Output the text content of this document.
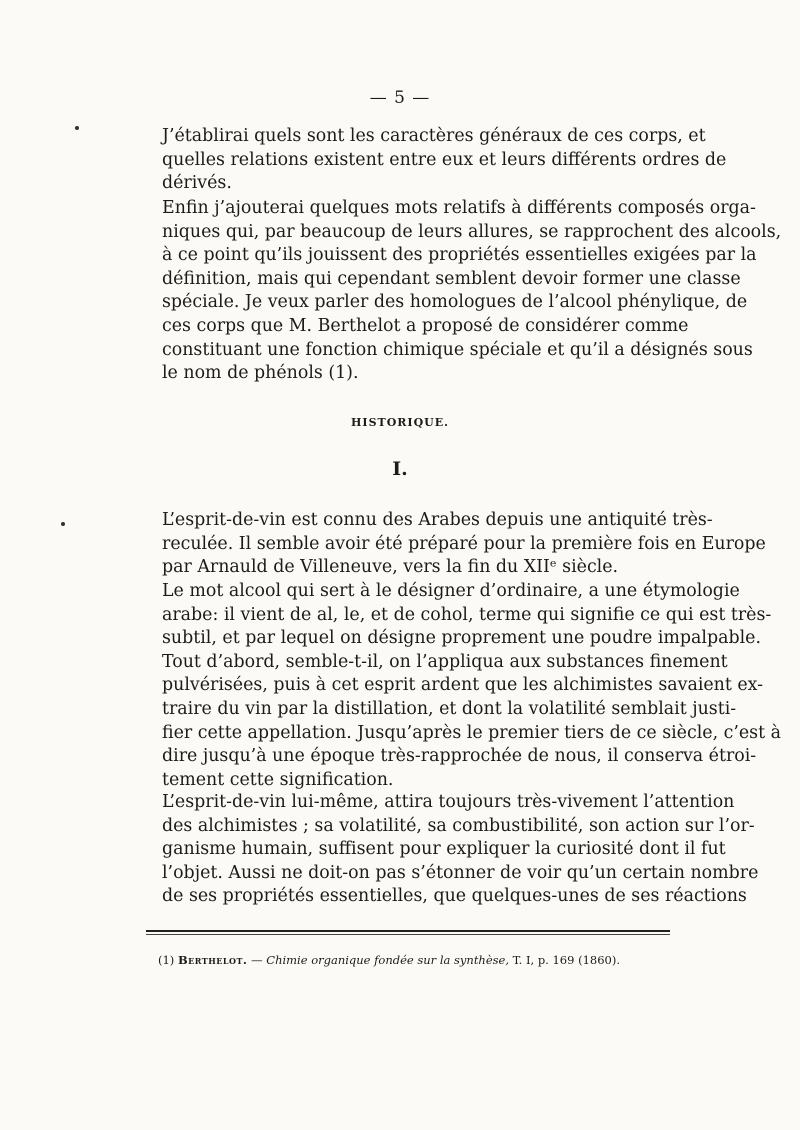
— 5 —
J’établirai quels sont les caractères généraux de ces corps, et
quelles relations existent entre eux et leurs différents ordres de
dérivés.
Enfin j’ajouterai quelques mots relatifs à différents composés orga-
niques qui, par beaucoup de leurs allures, se rapprochent des alcools,
à ce point qu’ils jouissent des propriétés essentielles exigées par la
définition, mais qui cependant semblent devoir former une classe
spéciale. Je veux parler des homologues de l’alcool phénylique, de
ces corps que M. Berthelot a proposé de considérer comme
constituant une fonction chimique spéciale et qu’il a désignés sous
le nom de phénols (1).
HISTORIQUE.
I.
L’esprit-de-vin est connu des Arabes depuis une antiquité très-
reculée. Il semble avoir été préparé pour la première fois en Europe
par Arnauld de Villeneuve, vers la fin du XIIᵉ siècle.
Le mot alcool qui sert à le désigner d’ordinaire, a une étymologie
arabe: il vient de al, le, et de cohol, terme qui signifie ce qui est très-
subtil, et par lequel on désigne proprement une poudre impalpable.
Tout d’abord, semble-t-il, on l’appliqua aux substances finement
pulvérisées, puis à cet esprit ardent que les alchimistes savaient ex-
traire du vin par la distillation, et dont la volatilité semblait justi-
fier cette appellation. Jusqu’après le premier tiers de ce siècle, c’est à
dire jusqu’à une époque très-rapprochée de nous, il conserva étroi-
tement cette signification.
L’esprit-de-vin lui-même, attira toujours très-vivement l’attention
des alchimistes ; sa volatilité, sa combustibilité, son action sur l’or-
ganisme humain, suffisent pour expliquer la curiosité dont il fut
l’objet. Aussi ne doit-on pas s’étonner de voir qu’un certain nombre
de ses propriétés essentielles, que quelques-unes de ses réactions
(1) Berthelot. — Chimie organique fondée sur la synthèse, T. I, p. 169 (1860).
